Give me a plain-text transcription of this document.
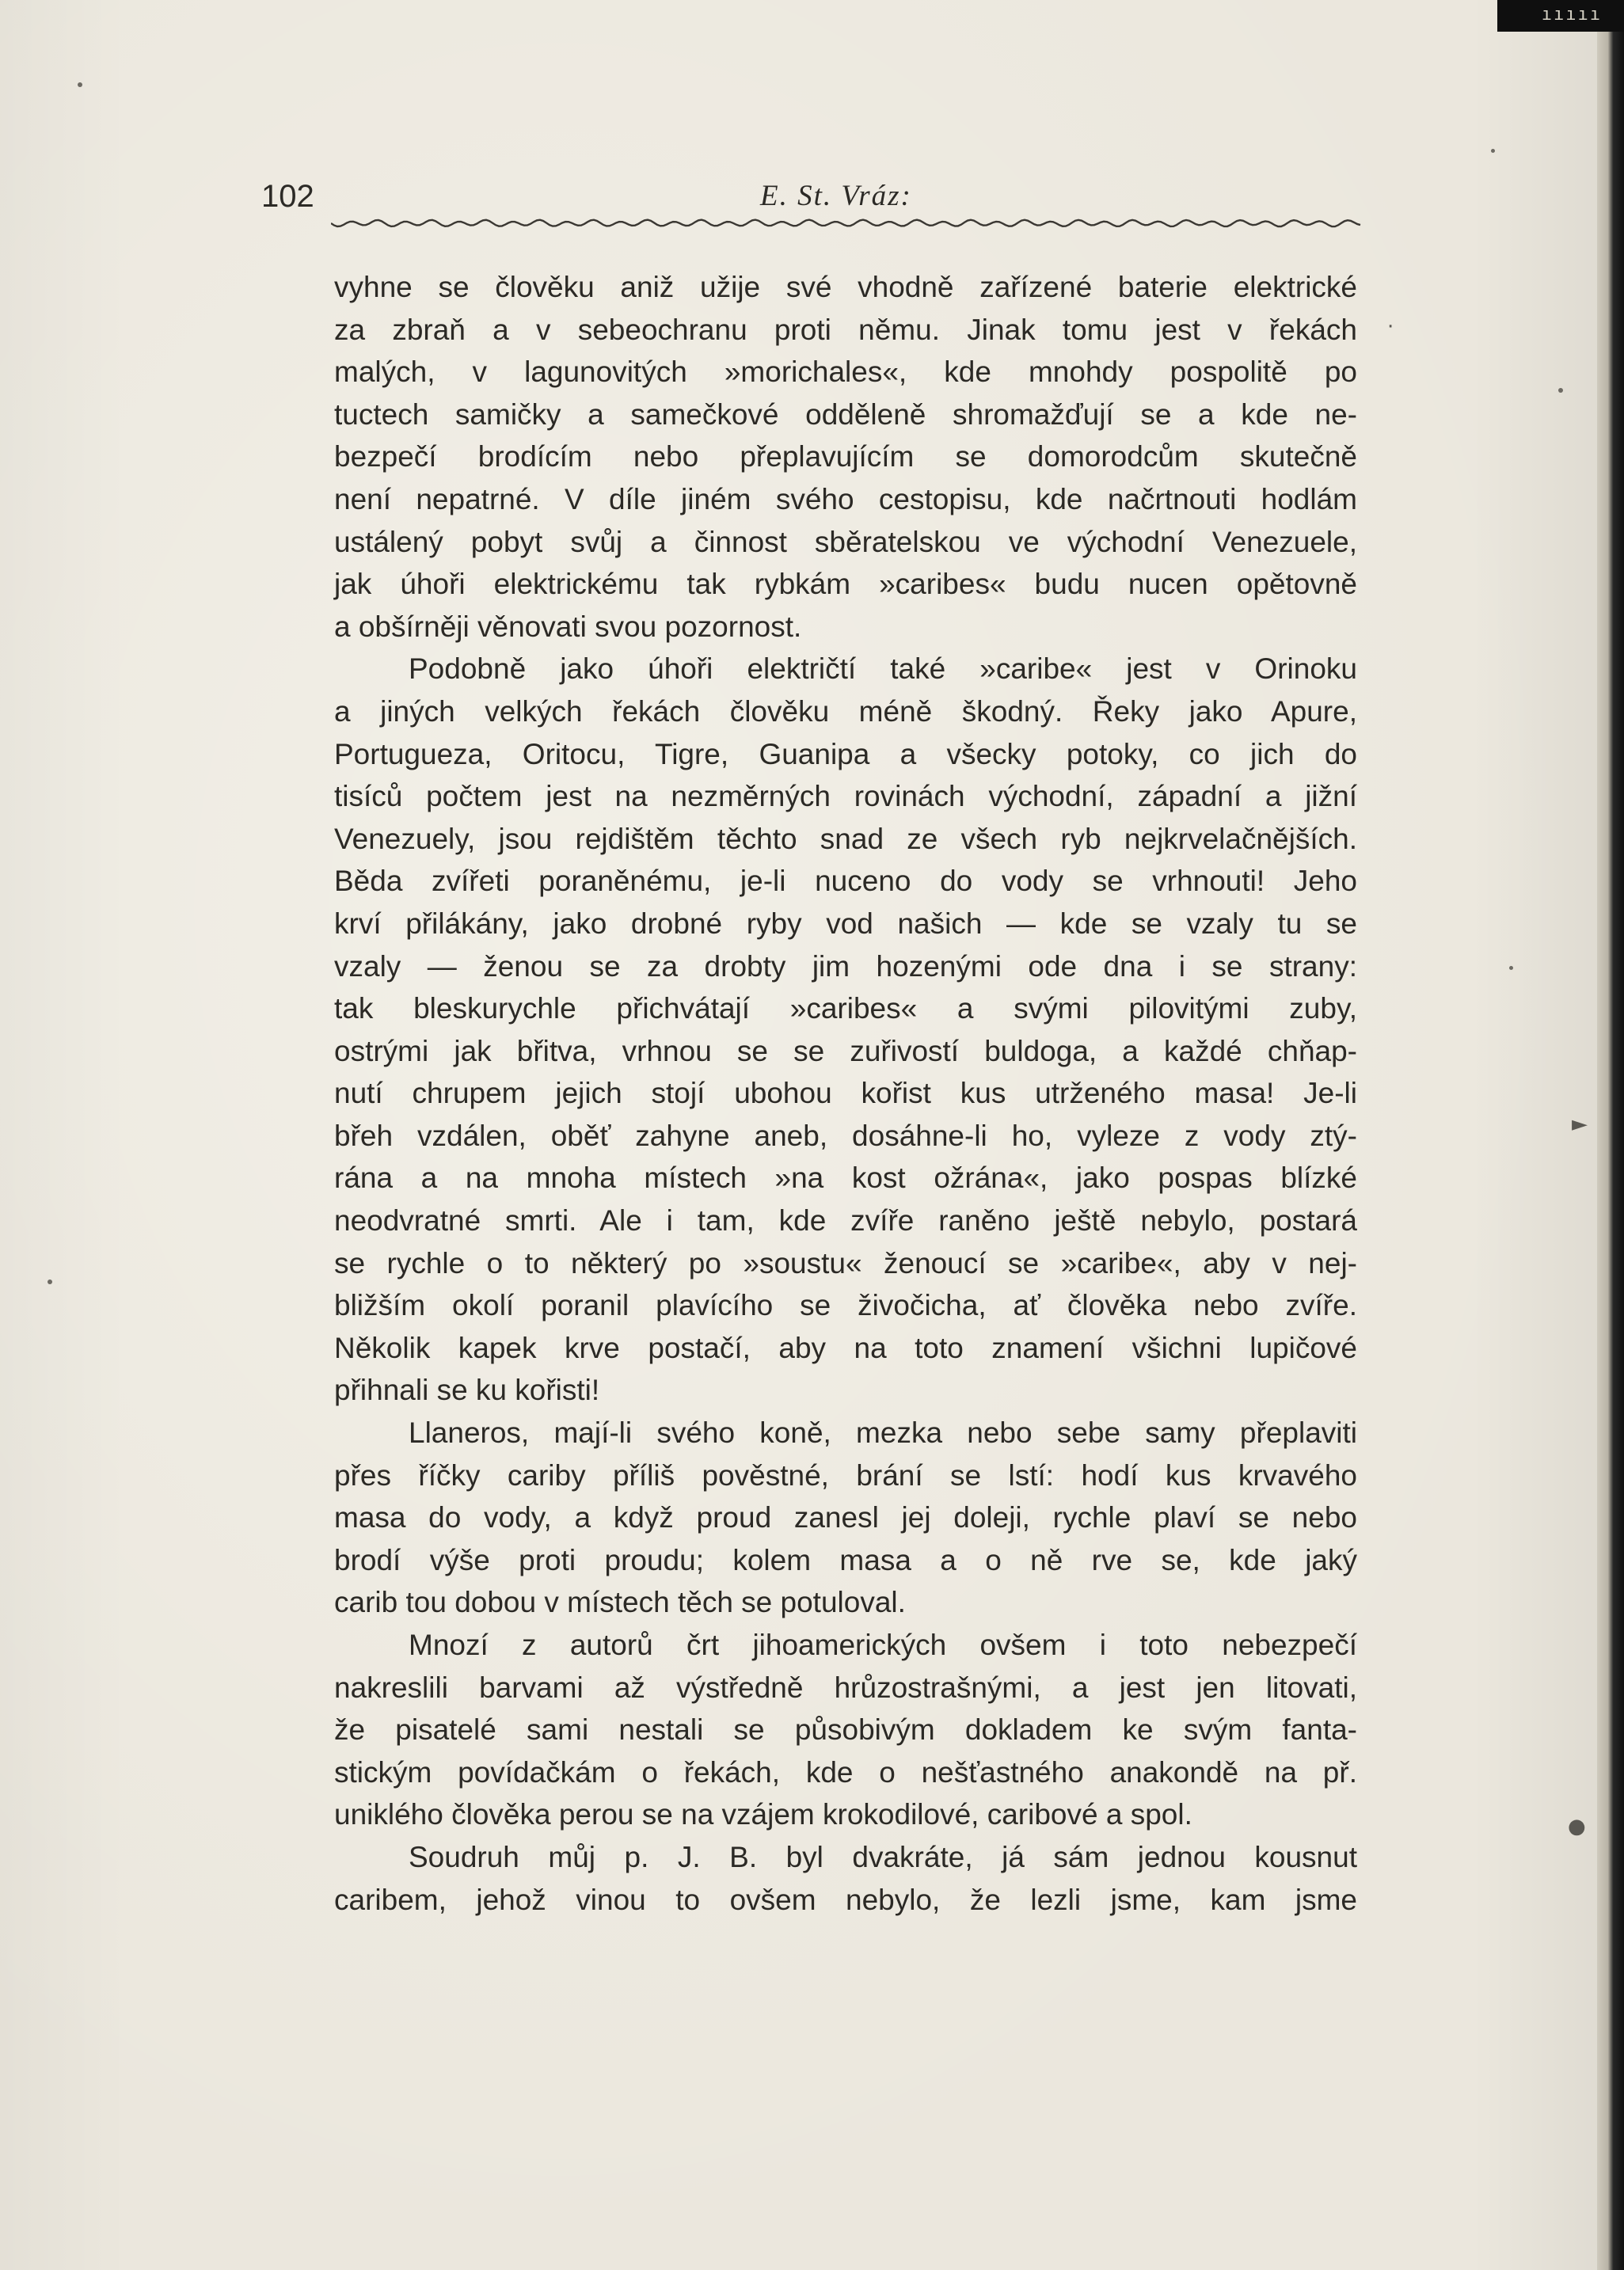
102	E. St. Vráz:
vyhne se člověku aniž užije své vhodně zařízené baterie elektrické
za zbraň a v sebeochranu proti němu. Jinak tomu jest v řekách
malých, v lagunovitých »morichales«, kde mnohdy pospolitě po
tuctech samičky a samečkové odděleně shromažďují se a kde ne-
bezpečí brodícím nebo přeplavujícím se domorodcům skutečně
není nepatrné. V díle jiném svého cestopisu, kde načrtnouti hodlám
ustálený pobyt svůj a činnost sběratelskou ve východní Venezuele,
jak úhoři elektrickému tak rybkám »caribes« budu nucen opětovně
a obšírněji věnovati svou pozornost.
Podobně jako úhoři električtí také »caribe« jest v Orinoku
a jiných velkých řekách člověku méně škodný. Řeky jako Apure,
Portugueza, Oritocu, Tigre, Guanipa a všecky potoky, co jich do
tisíců počtem jest na nezměrných rovinách východní, západní a jižní
Venezuely, jsou rejdištěm těchto snad ze všech ryb nejkrvelačnějších.
Běda zvířeti poraněnému, je-li nuceno do vody se vrhnouti! Jeho
krví přilákány, jako drobné ryby vod našich — kde se vzaly tu se
vzaly — ženou se za drobty jim hozenými ode dna i se strany:
tak bleskurychle přichvátají »caribes« a svými pilovitými zuby,
ostrými jak břitva, vrhnou se se zuřivostí buldoga, a každé chňap-
nutí chrupem jejich stojí ubohou kořist kus utrženého masa! Je-li
břeh vzdálen, oběť zahyne aneb, dosáhne-li ho, vyleze z vody ztý-
rána a na mnoha místech »na kost ožrána«, jako pospas blízké
neodvratné smrti. Ale i tam, kde zvíře raněno ještě nebylo, postará
se rychle o to některý po »soustu« ženoucí se »caribe«, aby v nej-
bližším okolí poranil plavícího se živočicha, ať člověka nebo zvíře.
Několik kapek krve postačí, aby na toto znamení všichni lupičové
přihnali se ku kořisti!
Llaneros, mají-li svého koně, mezka nebo sebe samy přeplaviti
přes říčky cariby příliš pověstné, brání se lstí: hodí kus krvavého
masa do vody, a když proud zanesl jej doleji, rychle plaví se nebo
brodí výše proti proudu; kolem masa a o ně rve se, kde jaký
carib tou dobou v místech těch se potuloval.
Mnozí z autorů črt jihoamerických ovšem i toto nebezpečí
nakreslili barvami až výstředně hrůzostrašnými, a jest jen litovati,
že pisatelé sami nestali se působivým dokladem ke svým fanta-
stickým povídačkám o řekách, kde o nešťastného anakondě na př.
uniklého člověka perou se na vzájem krokodilové, caribové a spol.
Soudruh můj p. J. B. byl dvakráte, já sám jednou kousnut
caribem, jehož vinou to ovšem nebylo, že lezli jsme, kam jsme
·
►
●
ııııı
